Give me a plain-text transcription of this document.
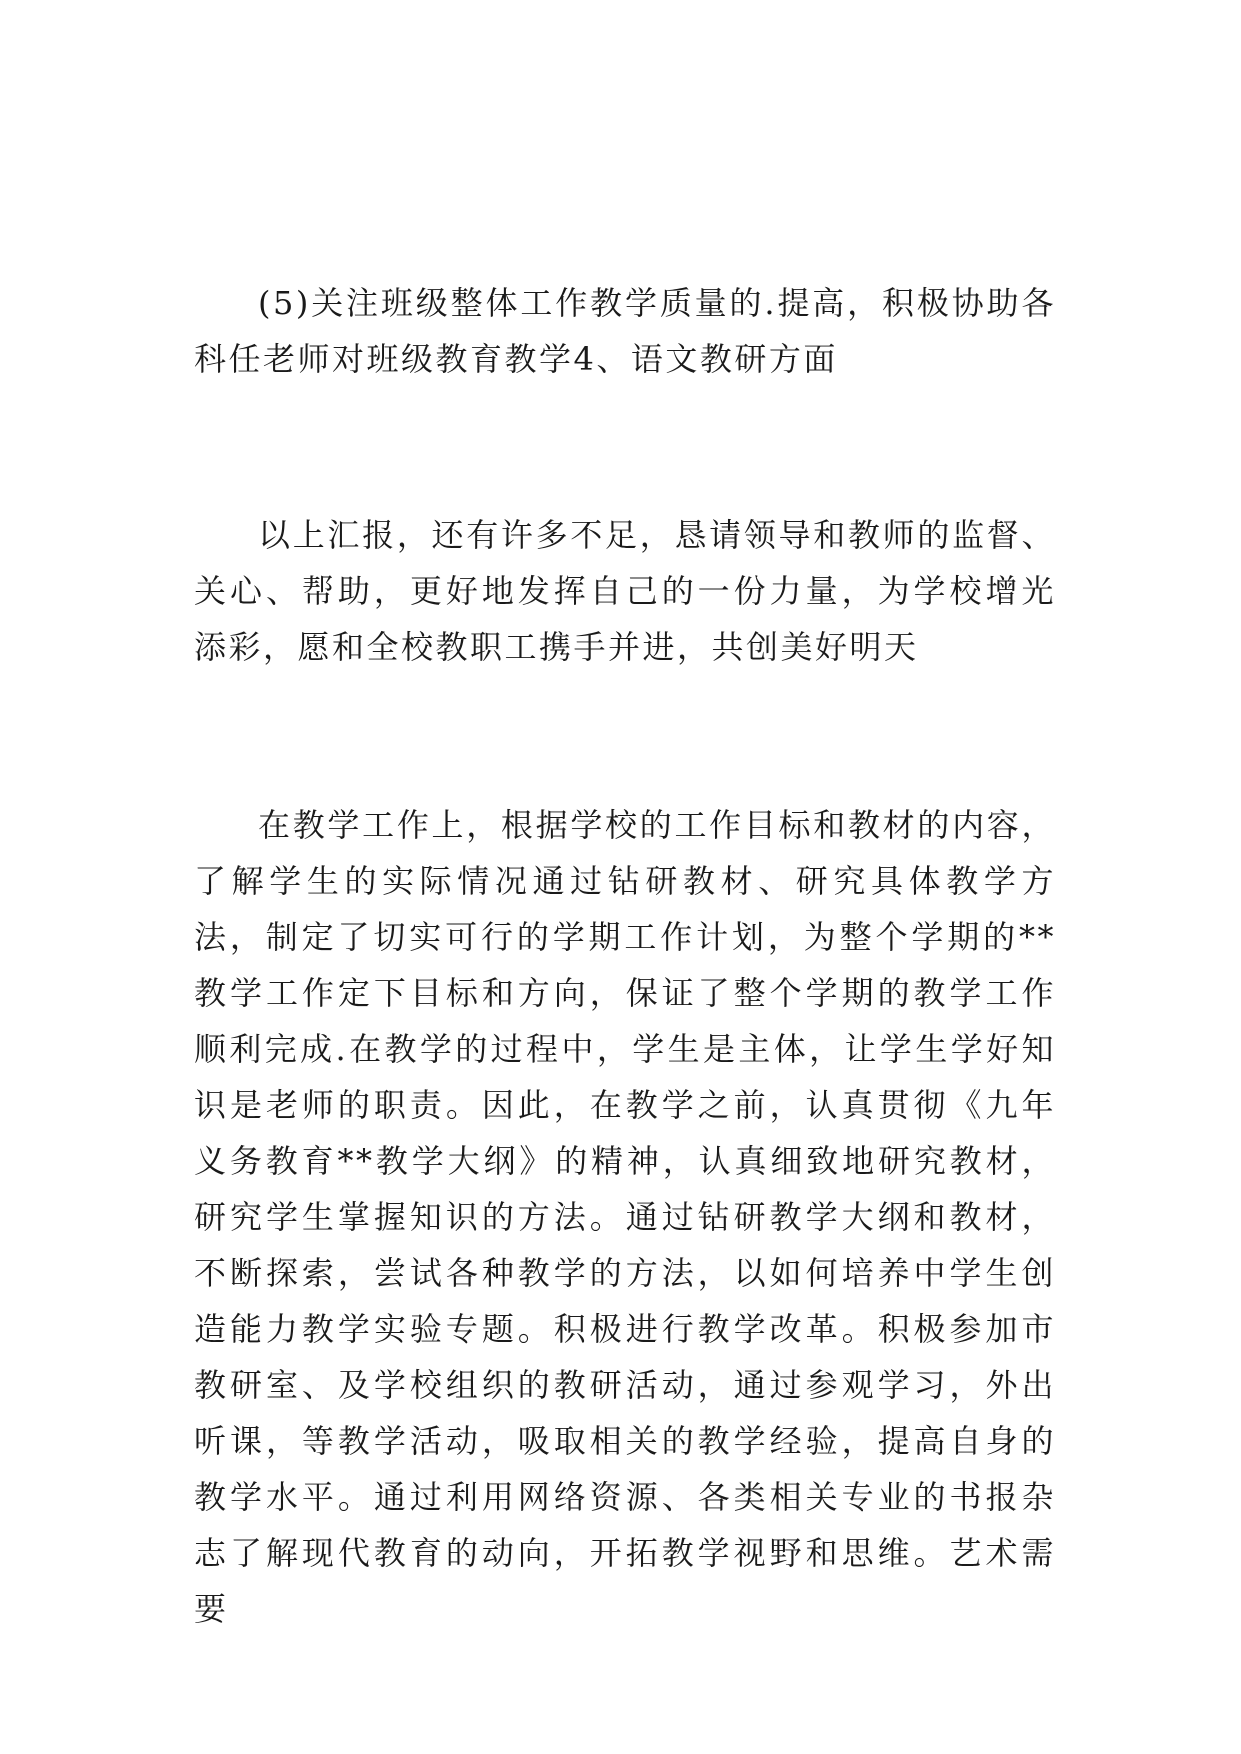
(5)关注班级整体工作教学质量的.提高，积极协助各科任老师对班级教育教学4、语文教研方面

以上汇报，还有许多不足，恳请领导和教师的监督、关心、帮助，更好地发挥自己的一份力量，为学校增光添彩，愿和全校教职工携手并进，共创美好明天

在教学工作上，根据学校的工作目标和教材的内容，了解学生的实际情况通过钻研教材、研究具体教学方法，制定了切实可行的学期工作计划，为整个学期的**教学工作定下目标和方向，保证了整个学期的教学工作顺利完成.在教学的过程中，学生是主体，让学生学好知识是老师的职责。因此，在教学之前，认真贯彻《九年义务教育**教学大纲》的精神，认真细致地研究教材，研究学生掌握知识的方法。通过钻研教学大纲和教材，不断探索，尝试各种教学的方法，以如何培养中学生创造能力教学实验专题。积极进行教学改革。积极参加市教研室、及学校组织的教研活动，通过参观学习，外出听课，等教学活动，吸取相关的教学经验，提高自身的教学水平。通过利用网络资源、各类相关专业的书报杂志了解现代教育的动向，开拓教学视野和思维。艺术需要
